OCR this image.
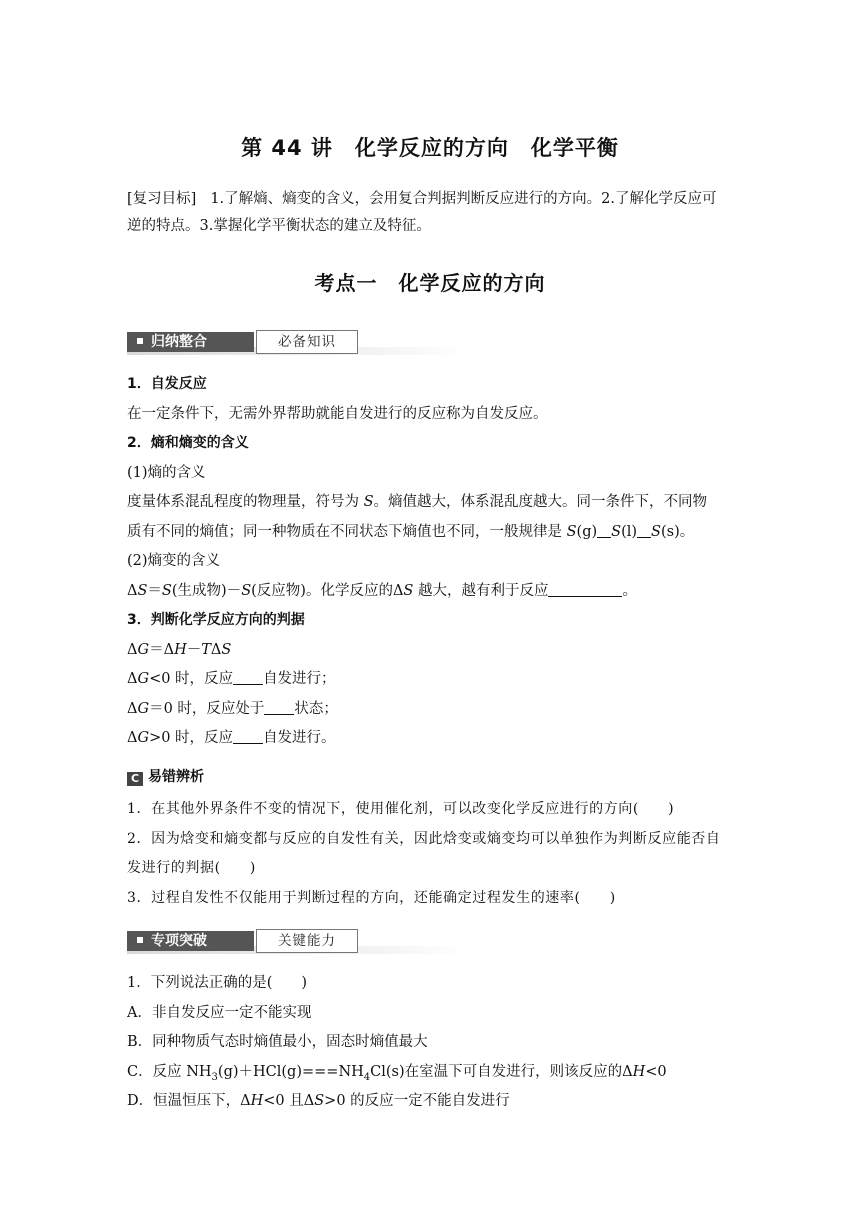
第 44 讲　化学反应的方向　化学平衡
[复习目标] 1.了解熵、熵变的含义，会用复合判据判断反应进行的方向。2.了解化学反应可
逆的特点。3.掌握化学平衡状态的建立及特征。
考点一　化学反应的方向
归纳整合	必备知识
1．自发反应
在一定条件下，无需外界帮助就能自发进行的反应称为自发反应。
2．熵和熵变的含义
(1)熵的含义
度量体系混乱程度的物理量，符号为 S。熵值越大，体系混乱度越大。同一条件下，不同物
质有不同的熵值；同一种物质在不同状态下熵值也不同，一般规律是 S(g) S(l) S(s)。
(2)熵变的含义
ΔS＝S(生成物)－S(反应物)。化学反应的ΔS 越大，越有利于反应	。
3．判断化学反应方向的判据
ΔG＝ΔH－TΔS
ΔG<0 时，反应 自发进行；
ΔG＝0 时，反应处于 状态；
ΔG>0 时，反应 自发进行。
C 易错辨析
1．在其他外界条件不变的情况下，使用催化剂，可以改变化学反应进行的方向(　　)
2．因为焓变和熵变都与反应的自发性有关，因此焓变或熵变均可以单独作为判断反应能否自
发进行的判据(　　)
3．过程自发性不仅能用于判断过程的方向，还能确定过程发生的速率(　　)
专项突破	关键能力
1．下列说法正确的是(　　)
A．非自发反应一定不能实现
B．同种物质气态时熵值最小，固态时熵值最大
C．反应 $NH_3(g)+HCl(g)===NH_4Cl(s)$在室温下可自发进行，则该反应的ΔH<0
D．恒温恒压下，ΔH<0 且ΔS>0 的反应一定不能自发进行
